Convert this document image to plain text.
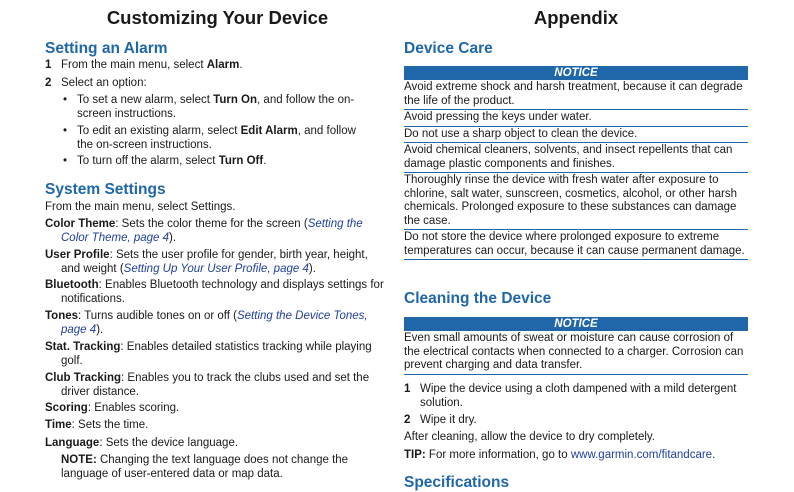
Customizing Your Device
Setting an Alarm
1 From the main menu, select Alarm.
2 Select an option:
• To set a new alarm, select Turn On, and follow the on-screen instructions.
• To edit an existing alarm, select Edit Alarm, and follow the on-screen instructions.
• To turn off the alarm, select Turn Off.
System Settings
From the main menu, select Settings.
Color Theme: Sets the color theme for the screen (Setting the Color Theme, page 4).
User Profile: Sets the user profile for gender, birth year, height, and weight (Setting Up Your User Profile, page 4).
Bluetooth: Enables Bluetooth technology and displays settings for notifications.
Tones: Turns audible tones on or off (Setting the Device Tones, page 4).
Stat. Tracking: Enables detailed statistics tracking while playing golf.
Club Tracking: Enables you to track the clubs used and set the driver distance.
Scoring: Enables scoring.
Time: Sets the time.
Language: Sets the device language.
NOTE: Changing the text language does not change the language of user-entered data or map data.
Appendix
Device Care
NOTICE
Avoid extreme shock and harsh treatment, because it can degrade the life of the product.
Avoid pressing the keys under water.
Do not use a sharp object to clean the device.
Avoid chemical cleaners, solvents, and insect repellents that can damage plastic components and finishes.
Thoroughly rinse the device with fresh water after exposure to chlorine, salt water, sunscreen, cosmetics, alcohol, or other harsh chemicals. Prolonged exposure to these substances can damage the case.
Do not store the device where prolonged exposure to extreme temperatures can occur, because it can cause permanent damage.
Cleaning the Device
NOTICE
Even small amounts of sweat or moisture can cause corrosion of the electrical contacts when connected to a charger. Corrosion can prevent charging and data transfer.
1 Wipe the device using a cloth dampened with a mild detergent solution.
2 Wipe it dry.
After cleaning, allow the device to dry completely.
TIP: For more information, go to www.garmin.com/fitandcare.
Specifications
